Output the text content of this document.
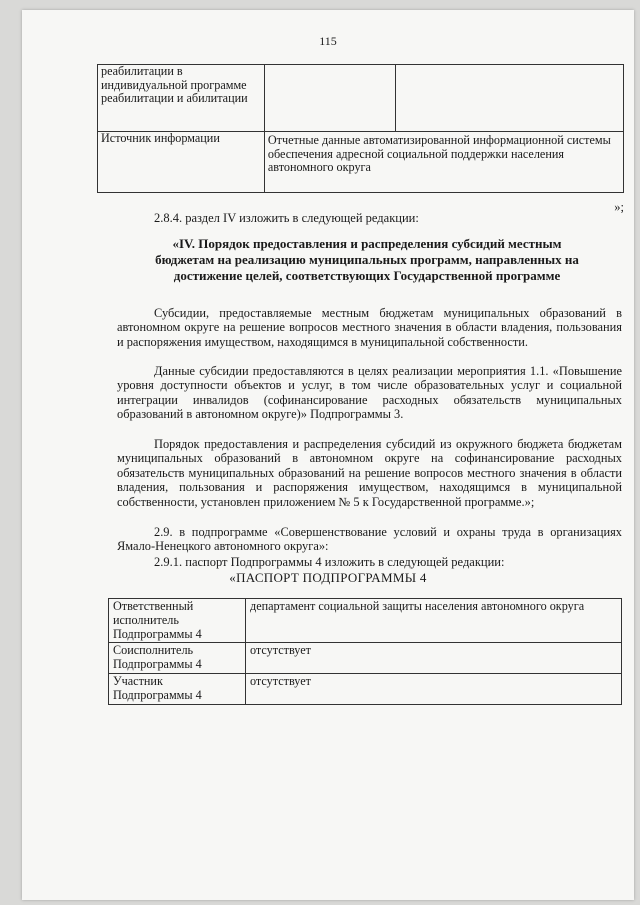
115
реабилитации в индивидуальной программе реабилитации и абилитации		
Источник информации	Отчетные данные автоматизированной информационной системы обеспечения адресной социальной поддержки населения автономного округа	
»;
2.8.4. раздел IV изложить в следующей редакции:
«IV. Порядок предоставления и распределения субсидий местным бюджетам на реализацию муниципальных программ, направленных на достижение целей, соответствующих Государственной программе
Субсидии, предоставляемые местным бюджетам муниципальных образований в автономном округе на решение вопросов местного значения в области владения, пользования и распоряжения имуществом, находящимся в муниципальной собственности.
Данные субсидии предоставляются в целях реализации мероприятия 1.1. «Повышение уровня доступности объектов и услуг, в том числе образовательных услуг и социальной интеграции инвалидов (софинансирование расходных обязательств муниципальных образований в автономном округе)» Подпрограммы 3.
Порядок предоставления и распределения субсидий из окружного бюджета бюджетам муниципальных образований в автономном округе на софинансирование расходных обязательств муниципальных образований на решение вопросов местного значения в области владения, пользования и распоряжения имуществом, находящимся в муниципальной собственности, установлен приложением № 5 к Государственной программе.»;
2.9. в подпрограмме «Совершенствование условий и охраны труда в организациях Ямало-Ненецкого автономного округа»:
2.9.1. паспорт Подпрограммы 4 изложить в следующей редакции:
«ПАСПОРТ ПОДПРОГРАММЫ 4
Ответственный исполнитель Подпрограммы 4	департамент социальной защиты населения автономного округа
Соисполнитель Подпрограммы 4	отсутствует
Участник Подпрограммы 4	отсутствует
